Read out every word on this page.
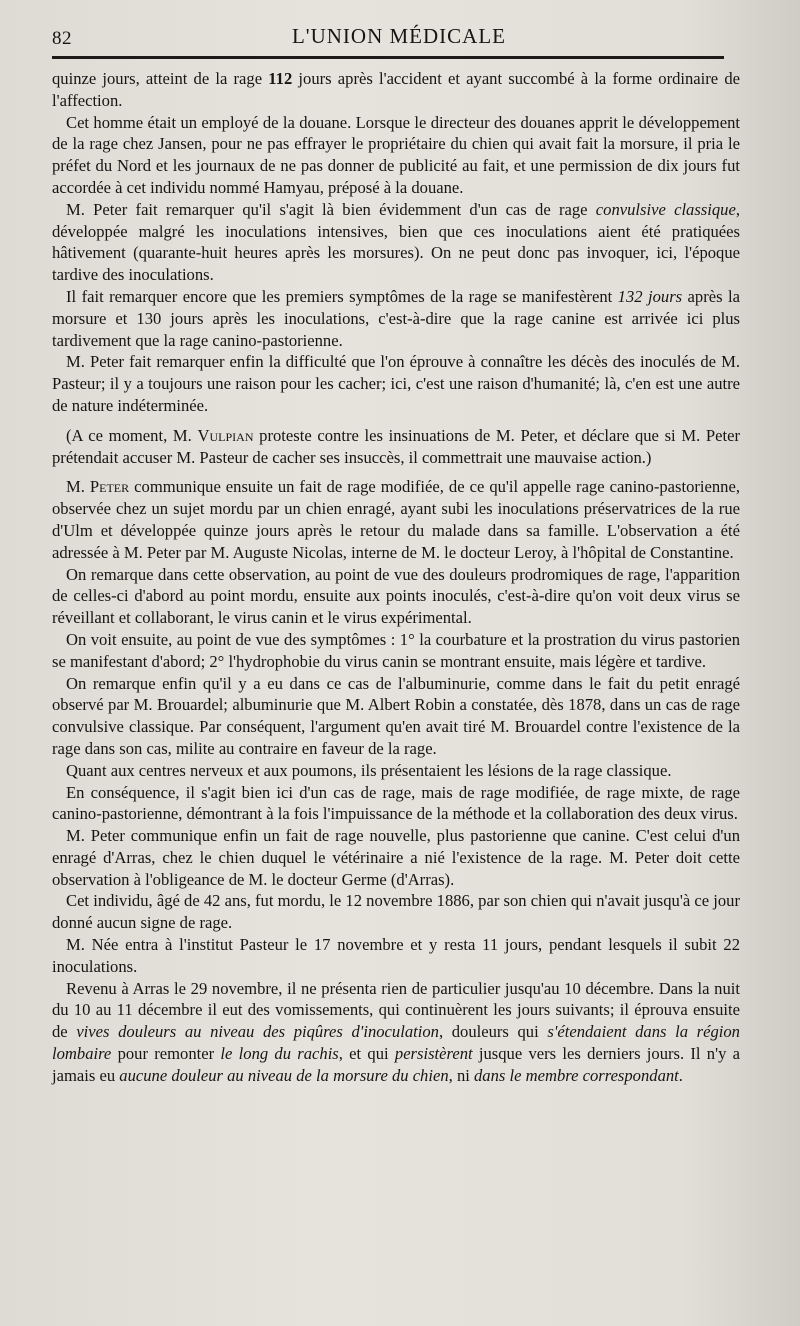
82	L'UNION MÉDICALE

quinze jours, atteint de la rage 112 jours après l'accident et ayant succombé à la forme ordinaire de l'affection.

Cet homme était un employé de la douane. Lorsque le directeur des douanes apprit le développement de la rage chez Jansen, pour ne pas effrayer le propriétaire du chien qui avait fait la morsure, il pria le préfet du Nord et les journaux de ne pas donner de publicité au fait, et une permission de dix jours fut accordée à cet individu nommé Hamyau, préposé à la douane.

M. Peter fait remarquer qu'il s'agit là bien évidemment d'un cas de rage convulsive classique, développée malgré les inoculations intensives, bien que ces inoculations aient été pratiquées hâtivement (quarante-huit heures après les morsures). On ne peut donc pas invoquer, ici, l'époque tardive des inoculations.

Il fait remarquer encore que les premiers symptômes de la rage se manifestèrent 132 jours après la morsure et 130 jours après les inoculations, c'est-à-dire que la rage canine est arrivée ici plus tardivement que la rage canino-pastorienne.

M. Peter fait remarquer enfin la difficulté que l'on éprouve à connaître les décès des inoculés de M. Pasteur; il y a toujours une raison pour les cacher; ici, c'est une raison d'humanité; là, c'en est une autre de nature indéterminée.

(A ce moment, M. Vulpian proteste contre les insinuations de M. Peter, et déclare que si M. Peter prétendait accuser M. Pasteur de cacher ses insuccès, il commettrait une mauvaise action.)

M. Peter communique ensuite un fait de rage modifiée, de ce qu'il appelle rage canino-pastorienne, observée chez un sujet mordu par un chien enragé, ayant subi les inoculations préservatrices de la rue d'Ulm et développée quinze jours après le retour du malade dans sa famille. L'observation a été adressée à M. Peter par M. Auguste Nicolas, interne de M. le docteur Leroy, à l'hôpital de Constantine.

On remarque dans cette observation, au point de vue des douleurs prodromiques de rage, l'apparition de celles-ci d'abord au point mordu, ensuite aux points inoculés, c'est-à-dire qu'on voit deux virus se réveillant et collaborant, le virus canin et le virus expérimental.

On voit ensuite, au point de vue des symptômes : 1° la courbature et la prostration du virus pastorien se manifestant d'abord; 2° l'hydrophobie du virus canin se montrant ensuite, mais légère et tardive.

On remarque enfin qu'il y a eu dans ce cas de l'albuminurie, comme dans le fait du petit enragé observé par M. Brouardel; albuminurie que M. Albert Robin a constatée, dès 1878, dans un cas de rage convulsive classique. Par conséquent, l'argument qu'en avait tiré M. Brouardel contre l'existence de la rage dans son cas, milite au contraire en faveur de la rage.

Quant aux centres nerveux et aux poumons, ils présentaient les lésions de la rage classique.

En conséquence, il s'agit bien ici d'un cas de rage, mais de rage modifiée, de rage mixte, de rage canino-pastorienne, démontrant à la fois l'impuissance de la méthode et la collaboration des deux virus.

M. Peter communique enfin un fait de rage nouvelle, plus pastorienne que canine. C'est celui d'un enragé d'Arras, chez le chien duquel le vétérinaire a nié l'existence de la rage. M. Peter doit cette observation à l'obligeance de M. le docteur Germe (d'Arras).

Cet individu, âgé de 42 ans, fut mordu, le 12 novembre 1886, par son chien qui n'avait jusqu'à ce jour donné aucun signe de rage.

M. Née entra à l'institut Pasteur le 17 novembre et y resta 11 jours, pendant lesquels il subit 22 inoculations.

Revenu à Arras le 29 novembre, il ne présenta rien de particulier jusqu'au 10 décembre. Dans la nuit du 10 au 11 décembre il eut des vomissements, qui continuèrent les jours suivants; il éprouva ensuite de vives douleurs au niveau des piqûres d'inoculation, douleurs qui s'étendaient dans la région lombaire pour remonter le long du rachis, et qui persistèrent jusque vers les derniers jours. Il n'y a jamais eu aucune douleur au niveau de la morsure du chien, ni dans le membre correspondant.
